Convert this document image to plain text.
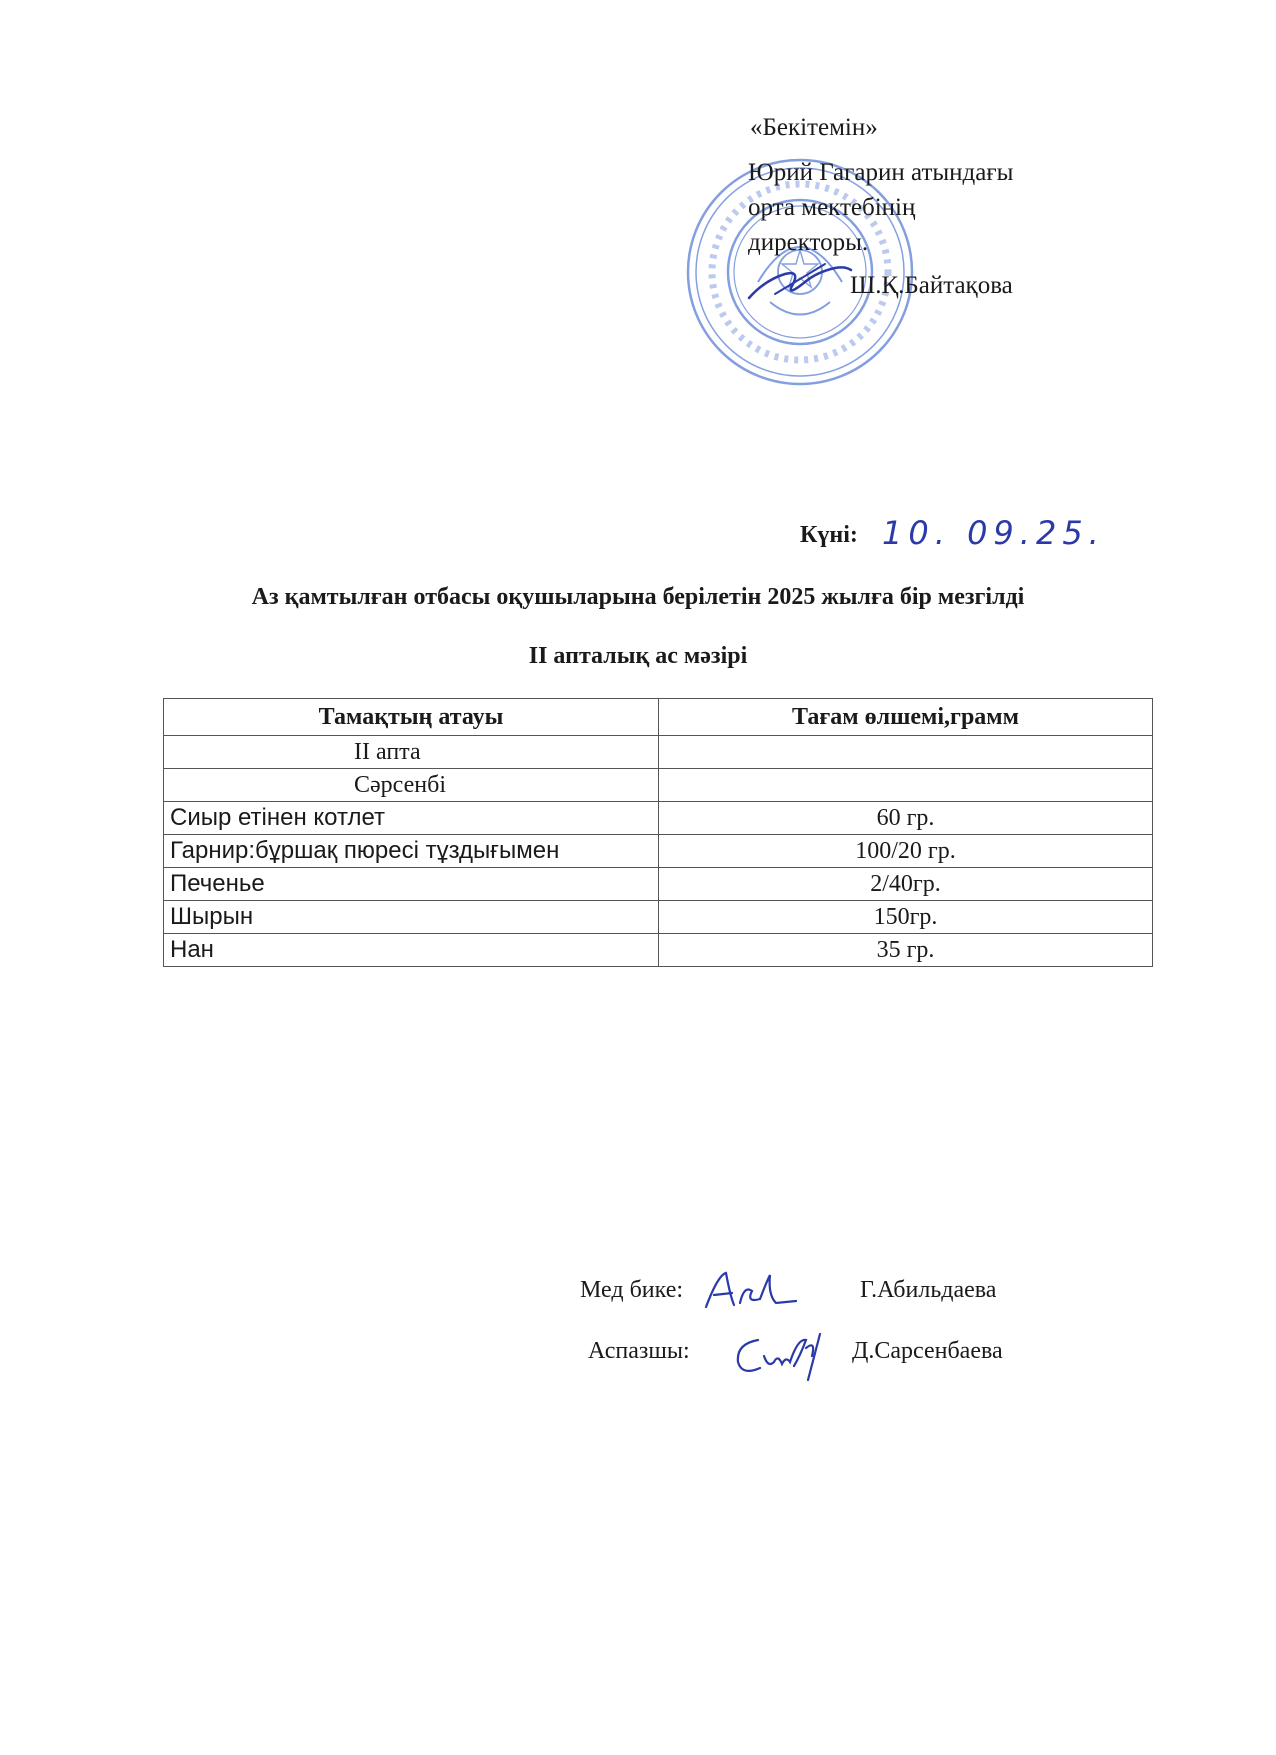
«Бекітемін»
Юрий Гагарин атындағы
орта мектебінің
директоры.
Ш.Қ.Байтақова
Күні: 10. 09.25.
Аз қамтылған отбасы оқушыларына берілетін 2025 жылға бір мезгілді
II апталық ас мәзірі
Тамақтың атауы	Тағам өлшемі,грамм
II апта	
Сәрсенбі	
Сиыр етінен котлет	60 гр.
Гарнир:бұршақ пюресі тұздығымен	100/20 гр.
Печенье	2/40гр.
Шырын	150гр.
Нан	35 гр.
Мед бике:	Г.Абильдаева
Аспазшы:	Д.Сарсенбаева
